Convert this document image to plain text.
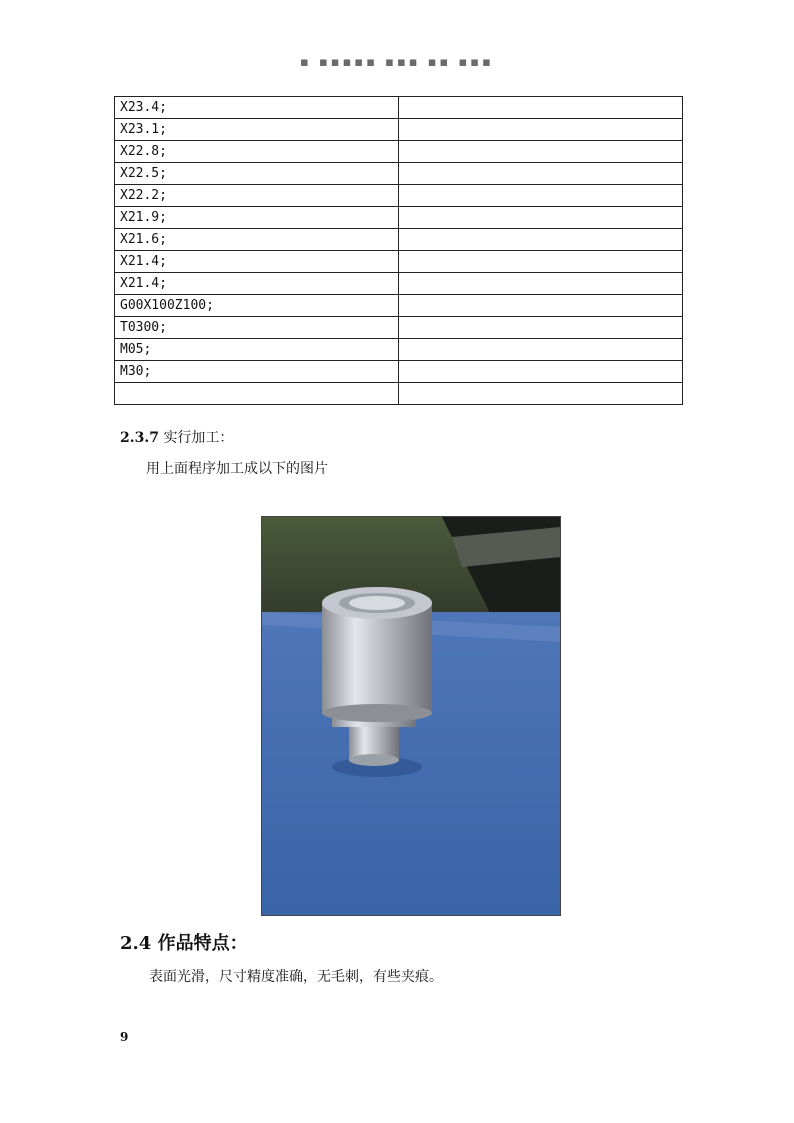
▪ ▪▪▪▪▪ ▪▪▪ ▪▪ ▪▪▪
X23.4;	
X23.1;	
X22.8;	
X22.5;	
X22.2;	
X21.9;	
X21.6;	
X21.4;	
X21.4;	
G00X100Z100;	
T0300;	
M05;	
M30;	

2.3.7 实行加工：
用上面程序加工成以下的图片
2.4 作品特点：
表面光滑，尺寸精度准确，无毛刺，有些夹痕。
9
